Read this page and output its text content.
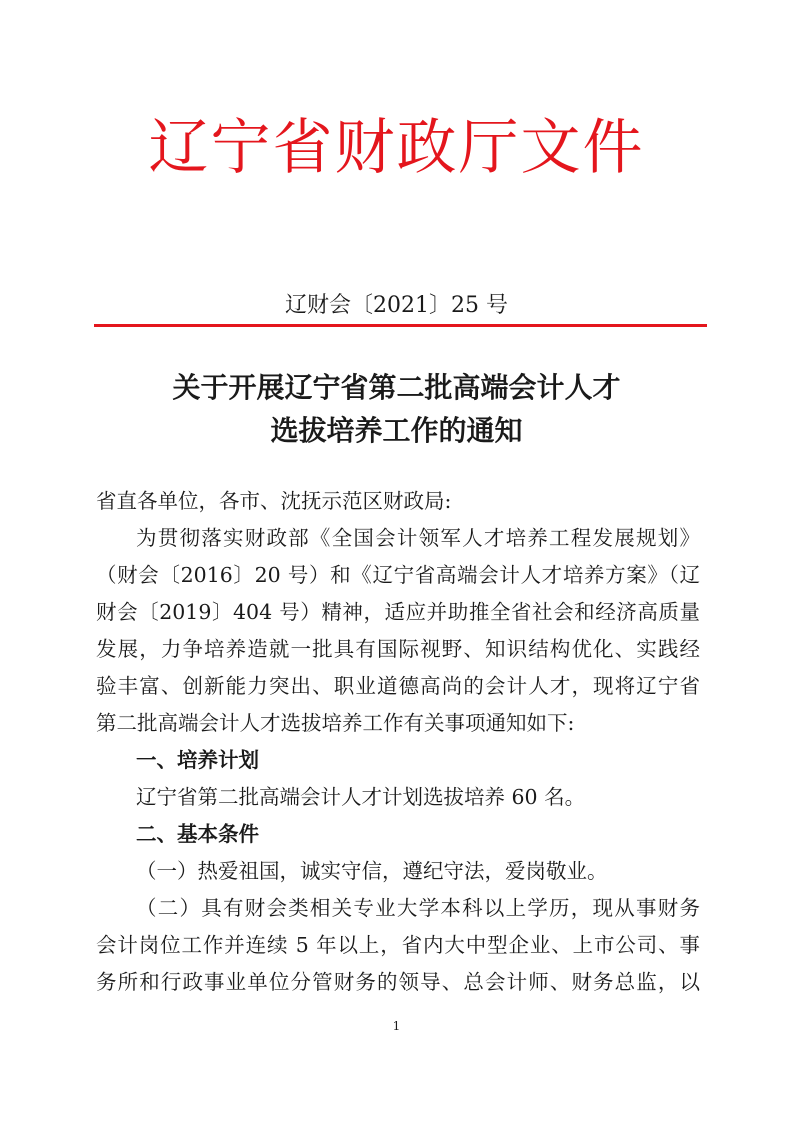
辽宁省财政厅文件
辽财会〔2021〕25 号
关于开展辽宁省第二批高端会计人才
选拔培养工作的通知
省直各单位，各市、沈抚示范区财政局:
为贯彻落实财政部《全国会计领军人才培养工程发展规划》
（财会〔2016〕20 号）和《辽宁省高端会计人才培养方案》（辽
财会〔2019〕404 号）精神，适应并助推全省社会和经济高质量
发展，力争培养造就一批具有国际视野、知识结构优化、实践经
验丰富、创新能力突出、职业道德高尚的会计人才，现将辽宁省
第二批高端会计人才选拔培养工作有关事项通知如下:
一、培养计划
辽宁省第二批高端会计人才计划选拔培养 60 名。
二、基本条件
（一）热爱祖国，诚实守信，遵纪守法，爱岗敬业。
（二）具有财会类相关专业大学本科以上学历，现从事财务
会计岗位工作并连续 5 年以上，省内大中型企业、上市公司、事
务所和行政事业单位分管财务的领导、总会计师、财务总监，以
1
